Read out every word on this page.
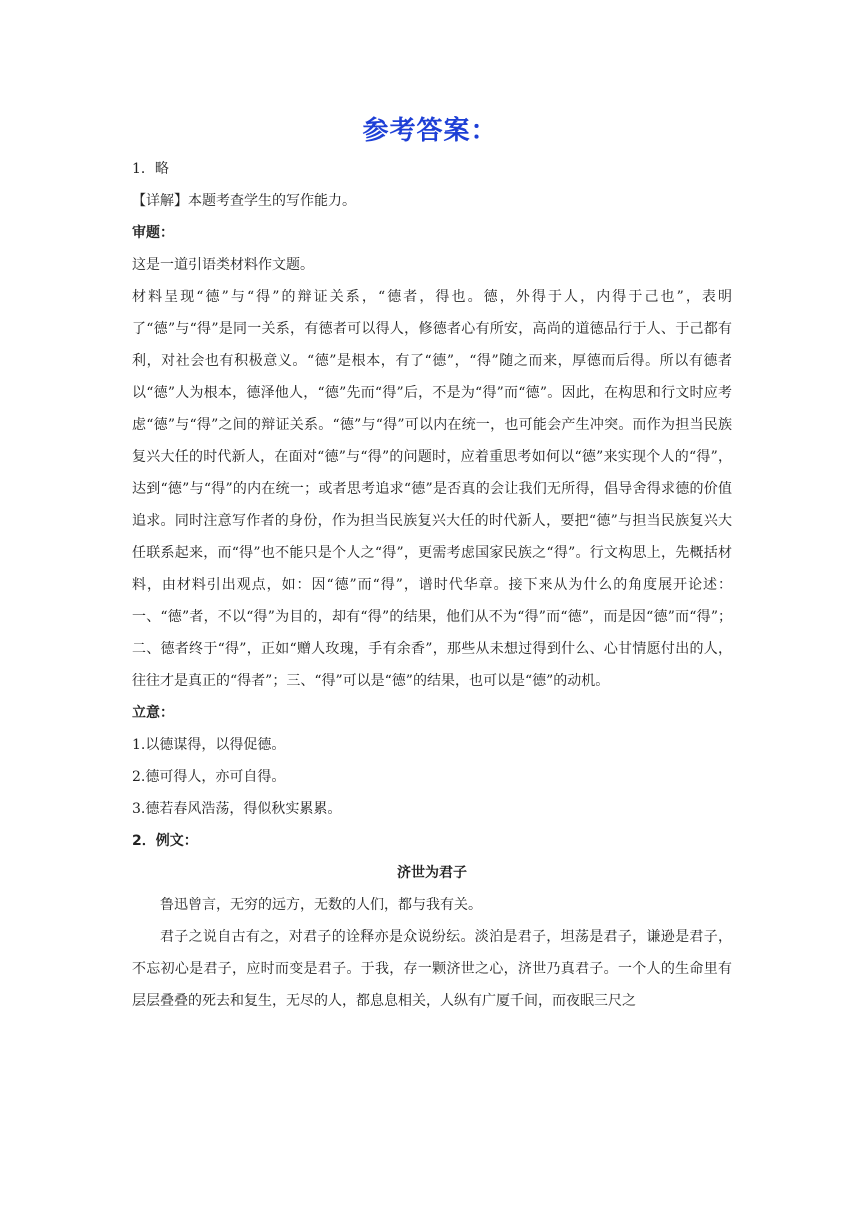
参考答案：

1．略

【详解】本题考查学生的写作能力。

审题：

这是一道引语类材料作文题。

材料呈现“德”与“得”的辩证关系，“德者，得也。德，外得于人，内得于己也”，表明了“德”与“得”是同一关系，有德者可以得人，修德者心有所安，高尚的道德品行于人、于己都有利，对社会也有积极意义。“德”是根本，有了“德”，“得”随之而来，厚德而后得。所以有德者以“德”人为根本，德泽他人，“德”先而“得”后，不是为“得”而“德”。因此，在构思和行文时应考虑“德”与“得”之间的辩证关系。“德”与“得”可以内在统一，也可能会产生冲突。而作为担当民族复兴大任的时代新人，在面对“德”与“得”的问题时，应着重思考如何以“德”来实现个人的“得”，达到“德”与“得”的内在统一；或者思考追求“德”是否真的会让我们无所得，倡导舍得求德的价值追求。同时注意写作者的身份，作为担当民族复兴大任的时代新人，要把“德”与担当民族复兴大任联系起来，而“得”也不能只是个人之“得”，更需考虑国家民族之“得”。行文构思上，先概括材料，由材料引出观点，如：因“德”而“得”，谱时代华章。接下来从为什么的角度展开论述：一、“德”者，不以“得”为目的，却有“得”的结果，他们从不为“得”而“德”，而是因“德”而“得”；二、德者终于“得”，正如“赠人玫瑰，手有余香”，那些从未想过得到什么、心甘情愿付出的人，往往才是真正的“得者”；三、“得”可以是“德”的结果，也可以是“德”的动机。

立意：

1.以德谋得，以得促德。

2.德可得人，亦可自得。

3.德若春风浩荡，得似秋实累累。

2．例文：

济世为君子

鲁迅曾言，无穷的远方，无数的人们，都与我有关。

君子之说自古有之，对君子的诠释亦是众说纷纭。淡泊是君子，坦荡是君子，谦逊是君子，不忘初心是君子，应时而变是君子。于我，存一颗济世之心，济世乃真君子。一个人的生命里有层层叠叠的死去和复生，无尽的人，都息息相关，人纵有广厦千间，而夜眠三尺之
